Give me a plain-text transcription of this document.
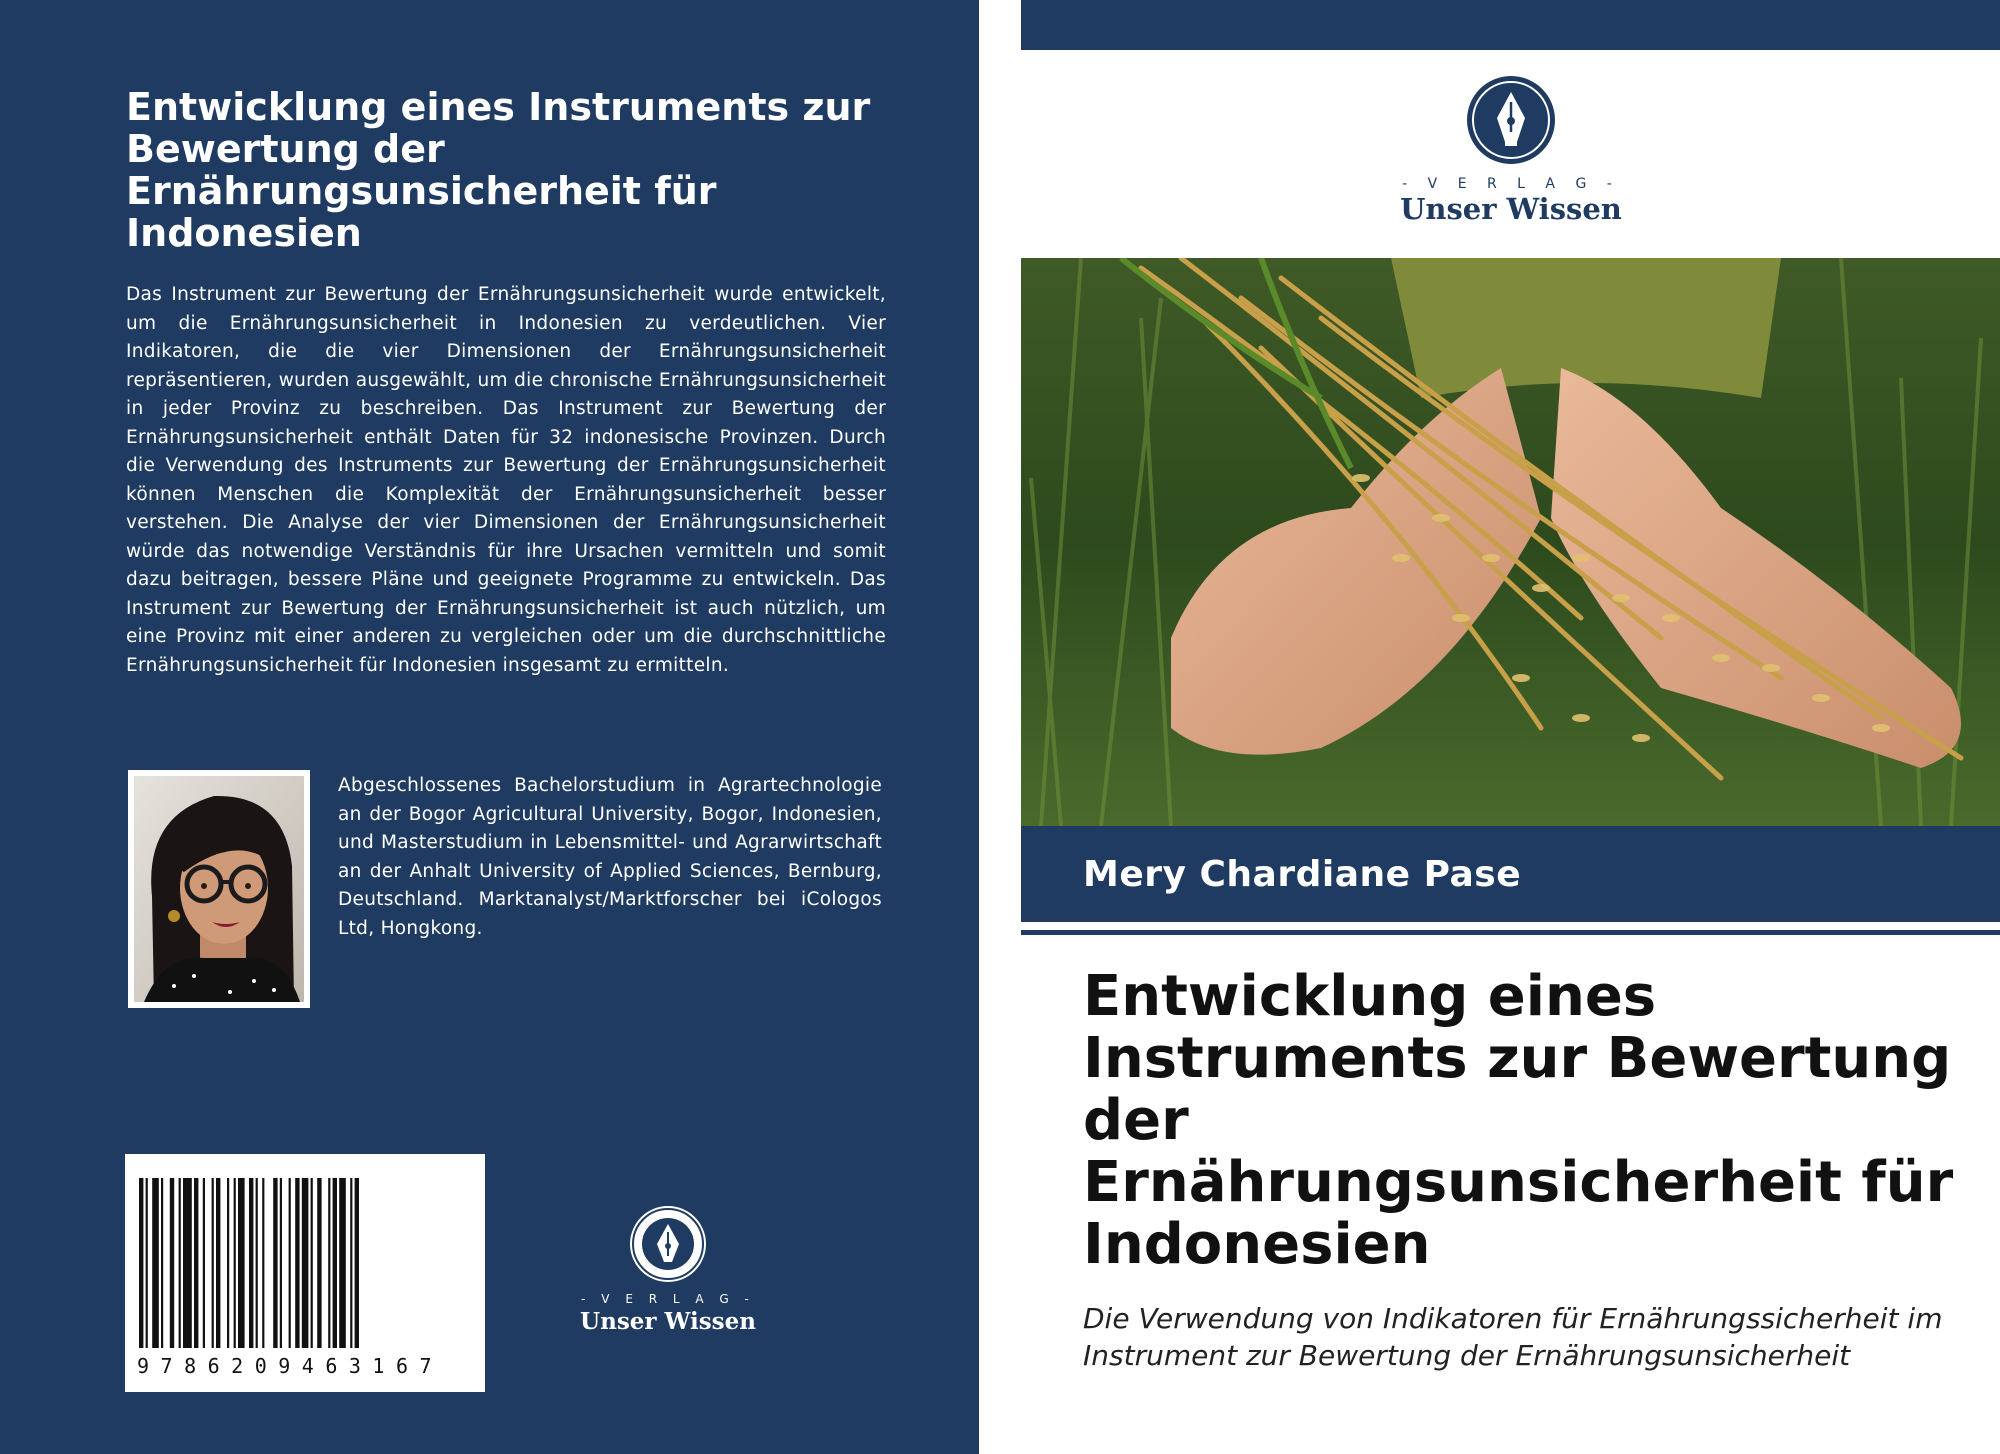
Entwicklung eines Instruments zur Bewertung der Ernährungsunsicherheit für Indonesien

Das Instrument zur Bewertung der Ernährungsunsicherheit wurde entwickelt, um die Ernährungsunsicherheit in Indonesien zu verdeutlichen. Vier Indikatoren, die die vier Dimensionen der Ernährungsunsicherheit repräsentieren, wurden ausgewählt, um die chronische Ernährungsunsicherheit in jeder Provinz zu beschreiben. Das Instrument zur Bewertung der Ernährungsunsicherheit enthält Daten für 32 indonesische Provinzen. Durch die Verwendung des Instruments zur Bewertung der Ernährungsunsicherheit können Menschen die Komplexität der Ernährungsunsicherheit besser verstehen. Die Analyse der vier Dimensionen der Ernährungsunsicherheit würde das notwendige Verständnis für ihre Ursachen vermitteln und somit dazu beitragen, bessere Pläne und geeignete Programme zu entwickeln. Das Instrument zur Bewertung der Ernährungsunsicherheit ist auch nützlich, um eine Provinz mit einer anderen zu vergleichen oder um die durchschnittliche Ernährungsunsicherheit für Indonesien insgesamt zu ermitteln.

Abgeschlossenes Bachelorstudium in Agrartechnologie an der Bogor Agricultural University, Bogor, Indonesien, und Masterstudium in Lebensmittel- und Agrarwirtschaft an der Anhalt University of Applied Sciences, Bernburg, Deutschland. Marktanalyst/Marktforscher bei iCologos Ltd, Hongkong.

9786209463167
- V E R L A G -
Unser Wissen
- V E R L A G -
Unser Wissen
Mery Chardiane Pase
Entwicklung eines Instruments zur Bewertung der Ernährungsunsicherheit für Indonesien

Die Verwendung von Indikatoren für Ernährungssicherheit im Instrument zur Bewertung der Ernährungsunsicherheit
